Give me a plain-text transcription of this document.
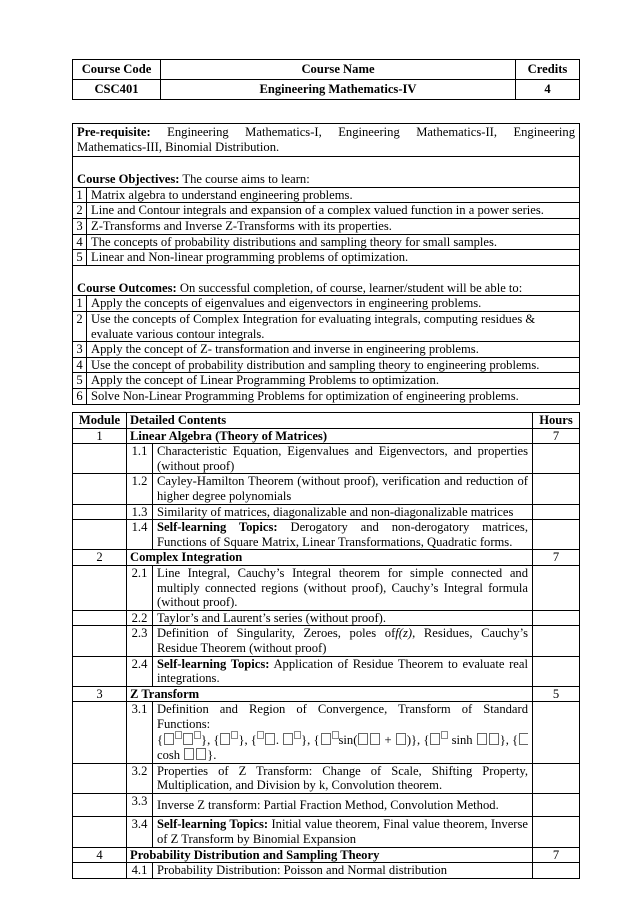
Course Code	Course Name	Credits
CSC401	Engineering Mathematics-IV	4
Pre-requisite: Engineering Mathematics-I, Engineering Mathematics-II, Engineering Mathematics-III, Binomial Distribution.	

Course Objectives: The course aims to learn:	
1	Matrix algebra to understand engineering problems.
2	Line and Contour integrals and expansion of a complex valued function in a power series.
3	Z-Transforms and Inverse Z-Transforms with its properties.
4	The concepts of probability distributions and sampling theory for small samples.
5	Linear and Non-linear programming problems of optimization.

Course Outcomes: On successful completion, of course, learner/student will be able to:	
1	Apply the concepts of eigenvalues and eigenvectors in engineering problems.
2	Use the concepts of Complex Integration for evaluating integrals, computing residues & evaluate various contour integrals.
3	Apply the concept of Z- transformation and inverse in engineering problems.
4	Use the concept of probability distribution and sampling theory to engineering problems.
5	Apply the concept of Linear Programming Problems to optimization.
6	Solve Non-Linear Programming Problems for optimization of engineering problems.
Module	Detailed Contents		Hours
1	Linear Algebra (Theory of Matrices)		7
	1.1	Characteristic Equation, Eigenvalues and Eigenvectors, and properties (without proof)	
	1.2	Cayley-Hamilton Theorem (without proof), verification and reduction of higher degree polynomials	
	1.3	Similarity of matrices, diagonalizable and non-diagonalizable matrices	
	1.4	Self-learning Topics: Derogatory and non-derogatory matrices, Functions of Square Matrix, Linear Transformations, Quadratic forms.	
2	Complex Integration		7
	2.1	Line Integral, Cauchy’s Integral theorem for simple connected and multiply connected regions (without proof), Cauchy’s Integral formula (without proof).	
	2.2	Taylor’s and Laurent’s series (without proof).	
	2.3	Definition of Singularity, Zeroes, poles off(z), Residues, Cauchy’s Residue Theorem (without proof)	
	2.4	Self-learning Topics: Application of Residue Theorem to evaluate real integrations.	
3	Z Transform		5
	3.1	Definition and Region of Convergence, Transform of Standard Functions:
{ }, { }, { . }, { sin( + )}, { sinh }, {
cosh }.	

	3.2	Properties of Z Transform: Change of Scale, Shifting Property, Multiplication, and Division by k, Convolution theorem.	
	3.3	Inverse Z transform: Partial Fraction Method, Convolution Method.	
	3.4	Self-learning Topics: Initial value theorem, Final value theorem, Inverse of Z Transform by Binomial Expansion	
4	Probability Distribution and Sampling Theory		7
	4.1	Probability Distribution: Poisson and Normal distribution	
